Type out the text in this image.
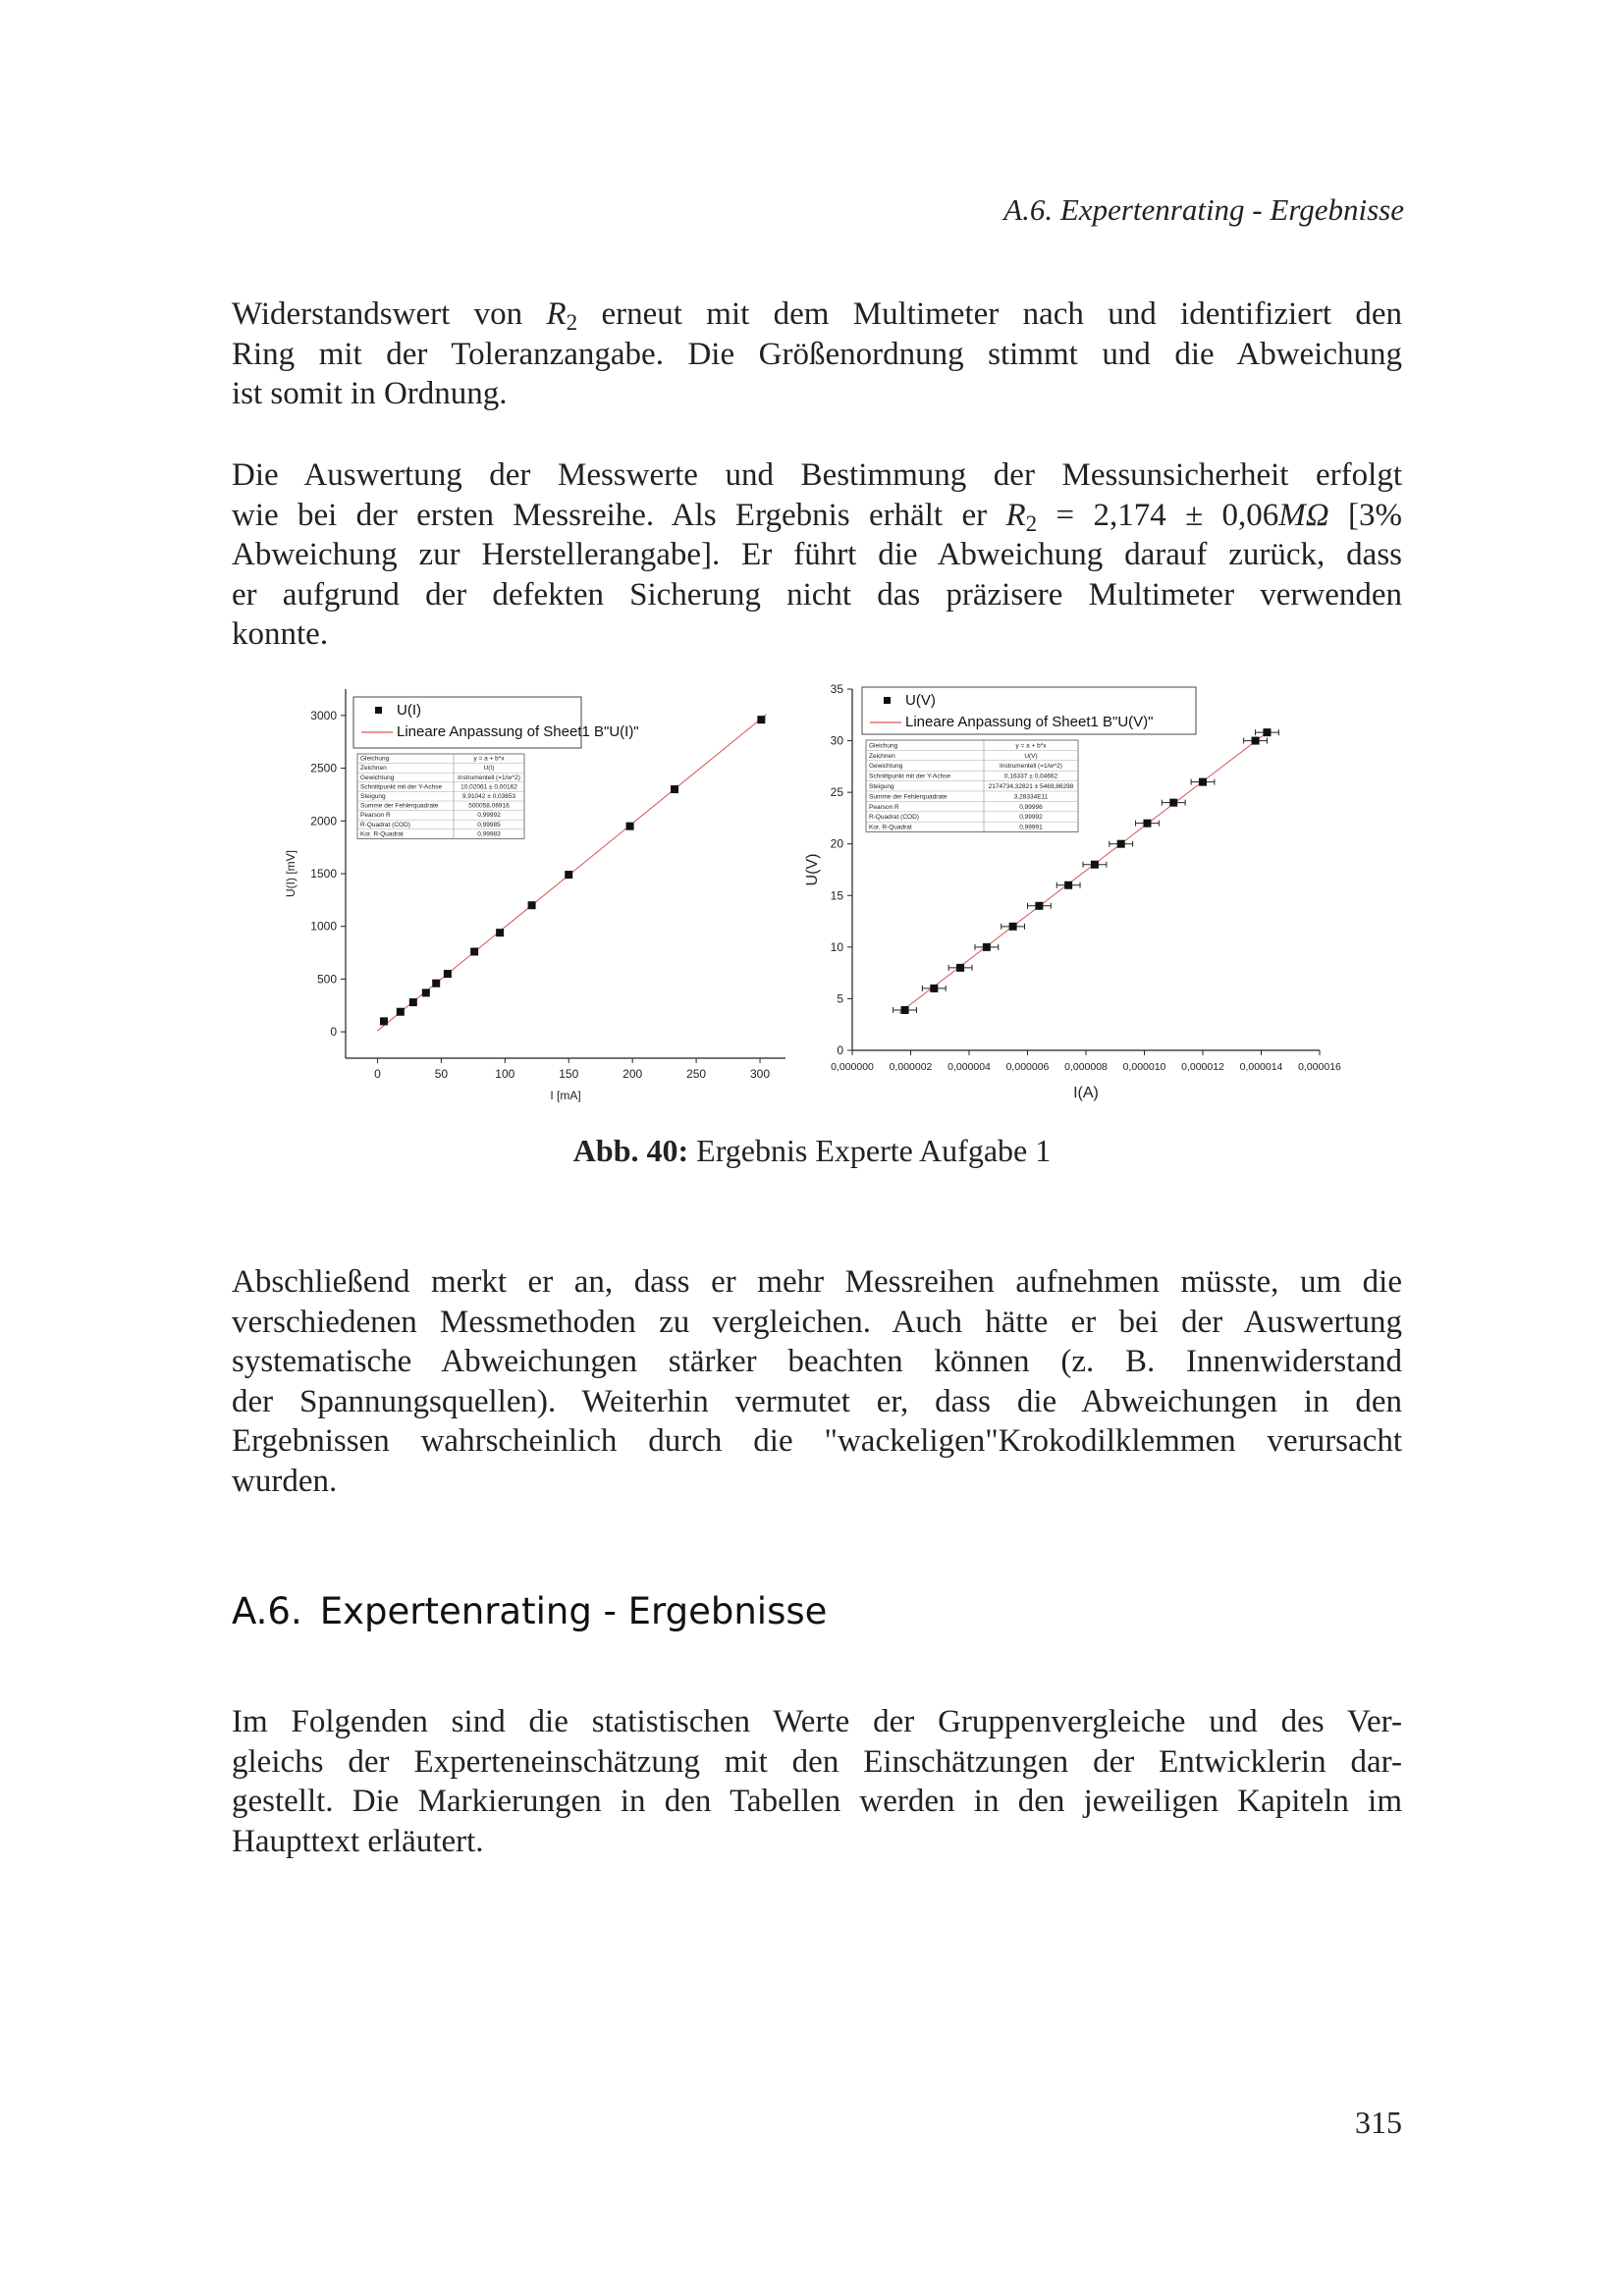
A.6. Expertenrating - Ergebnisse
Widerstandswert von $R_2$ erneut mit dem Multimeter nach und identifiziert den
Ring mit der Toleranzangabe. Die Größenordnung stimmt und die Abweichung
ist somit in Ordnung.
Die Auswertung der Messwerte und Bestimmung der Messunsicherheit erfolgt
wie bei der ersten Messreihe. Als Ergebnis erhält er $R_2 = 2,174 \pm 0,06M\Omega$ [3%
Abweichung zur Herstellerangabe]. Er führt die Abweichung darauf zurück, dass
er aufgrund der defekten Sicherung nicht das präzisere Multimeter verwenden
konnte.
0	50	100	150	200	250	300
0
500
1000
1500
2000
2500
3000
I [mA]
U(I) [mV]
U(I)
Lineare Anpassung of Sheet1 B"U(I)"
Gleichung	y = a + b*x
Zeichnen	U(I)
Gewichtung	Instrumentell (=1/w^2)
Schnittpunkt mit der Y-Achse	10,02061 ± 0,00162
Steigung	9,91042 ± 0,03653
Summe der Fehlerquadrate	500058,06916
Pearson R	0,99992
R-Quadrat (COD)	0,99985
Kor. R-Quadrat	0,99983
0,000000 0,000002 0,000004 0,000006 0,000008 0,000010 0,000012 0,000014 0,000016
0
5
10
15
20
25
30
35
I(A)
U(V)
U(V)
Lineare Anpassung of Sheet1 B"U(V)"
Gleichung	y = a + b*x
Zeichnen	U(V)
Gewichtung	Instrumentell (=1/w^2)
Schnittpunkt mit der Y-Achse	0,16337 ± 0,04662
Steigung	2174734,32821 ± 5469,86298
Summe der Fehlerquadrate	3,28334E11
Pearson R	0,99996
R-Quadrat (COD)	0,99992
Kor. R-Quadrat	0,99991
Abb. 40: Ergebnis Experte Aufgabe 1
Abschließend merkt er an, dass er mehr Messreihen aufnehmen müsste, um die
verschiedenen Messmethoden zu vergleichen. Auch hätte er bei der Auswertung
systematische Abweichungen stärker beachten können (z. B. Innenwiderstand
der Spannungsquellen). Weiterhin vermutet er, dass die Abweichungen in den
Ergebnissen wahrscheinlich durch die "wackeligen"Krokodilklemmen verursacht
wurden.
A.6. Expertenrating - Ergebnisse
Im Folgenden sind die statistischen Werte der Gruppenvergleiche und des Ver-
gleichs der Experteneinschätzung mit den Einschätzungen der Entwicklerin dar-
gestellt. Die Markierungen in den Tabellen werden in den jeweiligen Kapiteln im
Haupttext erläutert.
315
